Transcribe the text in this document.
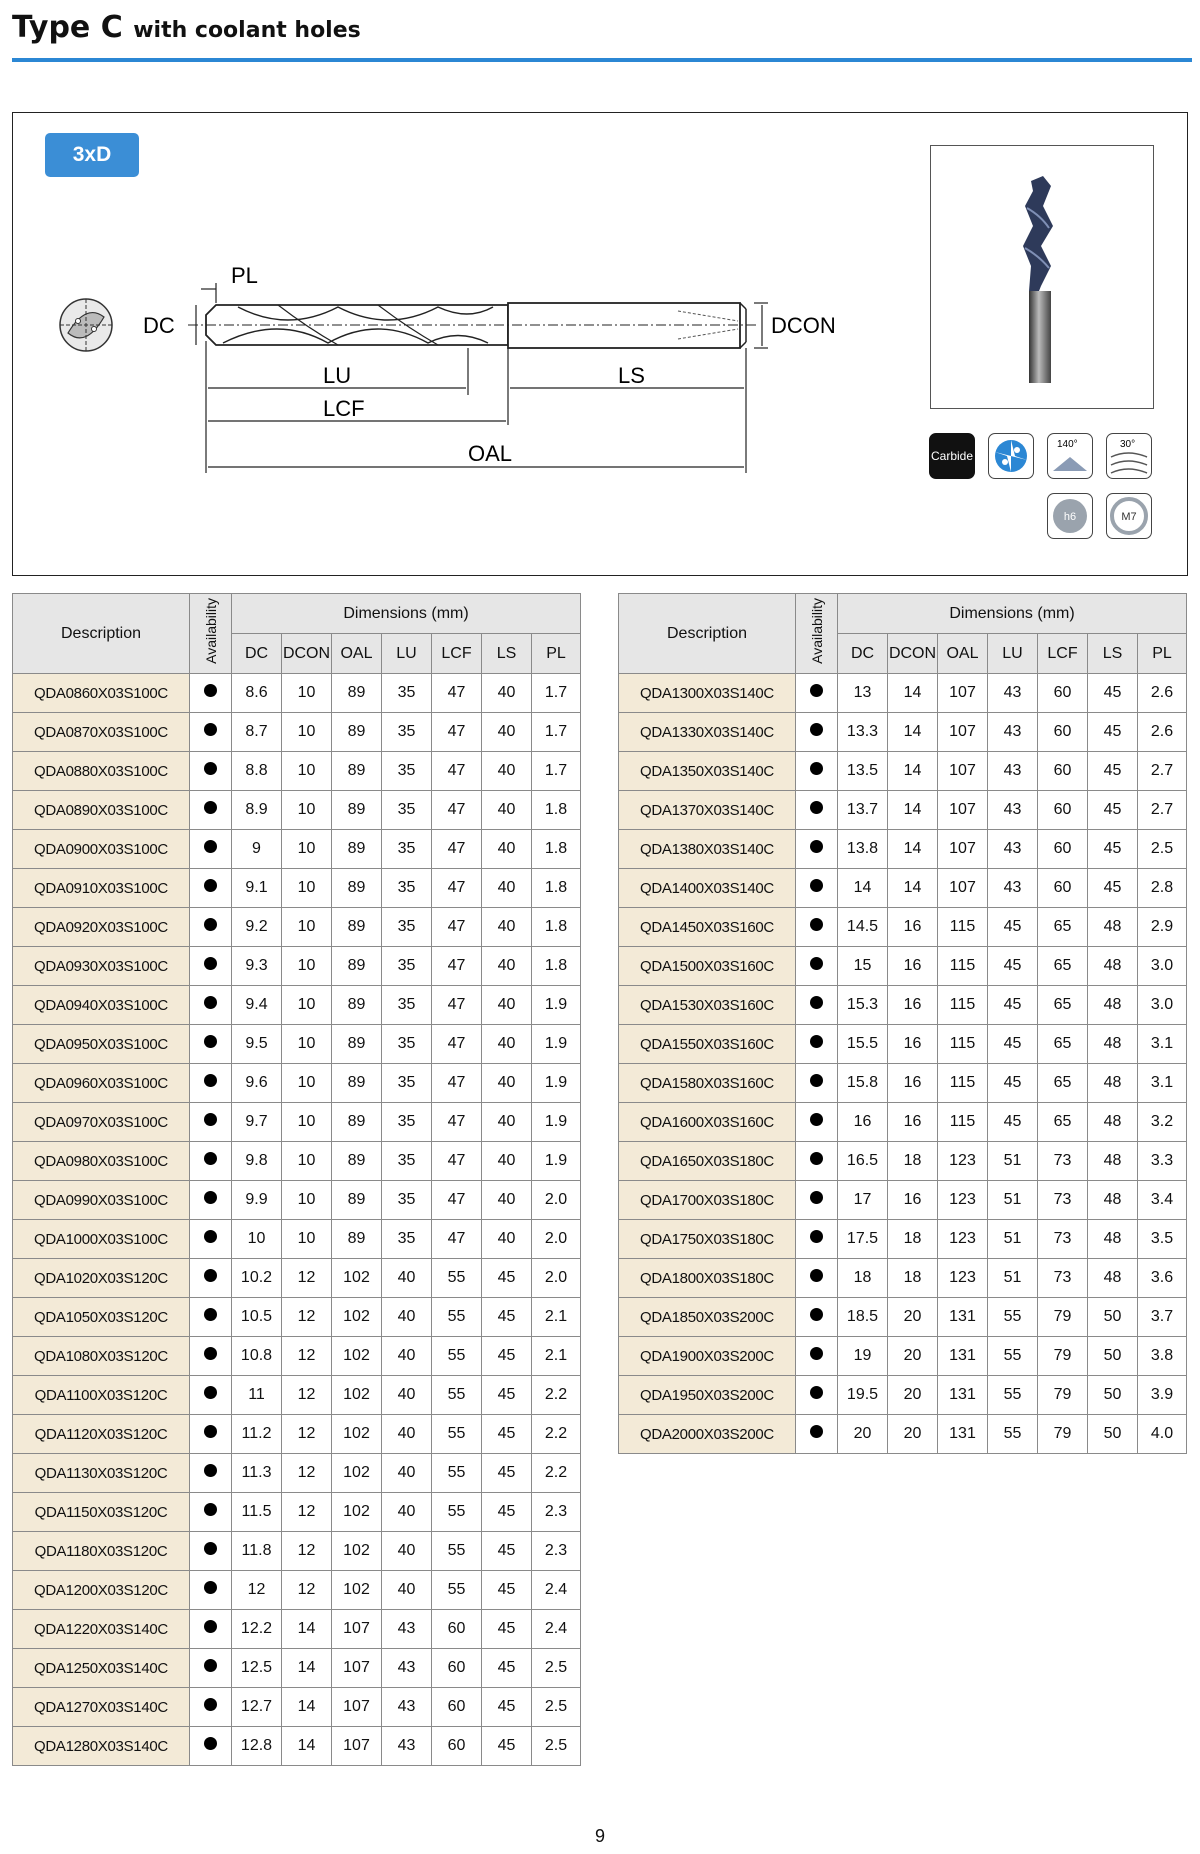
Type C with coolant holes
3xD
PL
DC	DCON
LU	LS
LCF
OAL	Carbide
140°	30°
h6	M7
Description	Availability	Dimensions (mm)						
		DC	DCON	OAL	LU	LCF	LS	PL
QDA0860X03S100C		8.6	10	89	35	47	40	1.7
QDA0870X03S100C		8.7	10	89	35	47	40	1.7
QDA0880X03S100C		8.8	10	89	35	47	40	1.7
QDA0890X03S100C		8.9	10	89	35	47	40	1.8
QDA0900X03S100C		9	10	89	35	47	40	1.8
QDA0910X03S100C		9.1	10	89	35	47	40	1.8
QDA0920X03S100C		9.2	10	89	35	47	40	1.8
QDA0930X03S100C		9.3	10	89	35	47	40	1.8
QDA0940X03S100C		9.4	10	89	35	47	40	1.9
QDA0950X03S100C		9.5	10	89	35	47	40	1.9
QDA0960X03S100C		9.6	10	89	35	47	40	1.9
QDA0970X03S100C		9.7	10	89	35	47	40	1.9
QDA0980X03S100C		9.8	10	89	35	47	40	1.9
QDA0990X03S100C		9.9	10	89	35	47	40	2.0
QDA1000X03S100C		10	10	89	35	47	40	2.0
QDA1020X03S120C		10.2	12	102	40	55	45	2.0
QDA1050X03S120C		10.5	12	102	40	55	45	2.1
QDA1080X03S120C		10.8	12	102	40	55	45	2.1
QDA1100X03S120C		11	12	102	40	55	45	2.2
QDA1120X03S120C		11.2	12	102	40	55	45	2.2
QDA1130X03S120C		11.3	12	102	40	55	45	2.2
QDA1150X03S120C		11.5	12	102	40	55	45	2.3
QDA1180X03S120C		11.8	12	102	40	55	45	2.3
QDA1200X03S120C		12	12	102	40	55	45	2.4
QDA1220X03S140C		12.2	14	107	43	60	45	2.4
QDA1250X03S140C		12.5	14	107	43	60	45	2.5
QDA1270X03S140C		12.7	14	107	43	60	45	2.5
QDA1280X03S140C		12.8	14	107	43	60	45	2.5
Description	Availability	Dimensions (mm)						
		DC	DCON	OAL	LU	LCF	LS	PL
QDA1300X03S140C		13	14	107	43	60	45	2.6
QDA1330X03S140C		13.3	14	107	43	60	45	2.6
QDA1350X03S140C		13.5	14	107	43	60	45	2.7
QDA1370X03S140C		13.7	14	107	43	60	45	2.7
QDA1380X03S140C		13.8	14	107	43	60	45	2.5
QDA1400X03S140C		14	14	107	43	60	45	2.8
QDA1450X03S160C		14.5	16	115	45	65	48	2.9
QDA1500X03S160C		15	16	115	45	65	48	3.0
QDA1530X03S160C		15.3	16	115	45	65	48	3.0
QDA1550X03S160C		15.5	16	115	45	65	48	3.1
QDA1580X03S160C		15.8	16	115	45	65	48	3.1
QDA1600X03S160C		16	16	115	45	65	48	3.2
QDA1650X03S180C		16.5	18	123	51	73	48	3.3
QDA1700X03S180C		17	16	123	51	73	48	3.4
QDA1750X03S180C		17.5	18	123	51	73	48	3.5
QDA1800X03S180C		18	18	123	51	73	48	3.6
QDA1850X03S200C		18.5	20	131	55	79	50	3.7
QDA1900X03S200C		19	20	131	55	79	50	3.8
QDA1950X03S200C		19.5	20	131	55	79	50	3.9
QDA2000X03S200C		20	20	131	55	79	50	4.0
9
